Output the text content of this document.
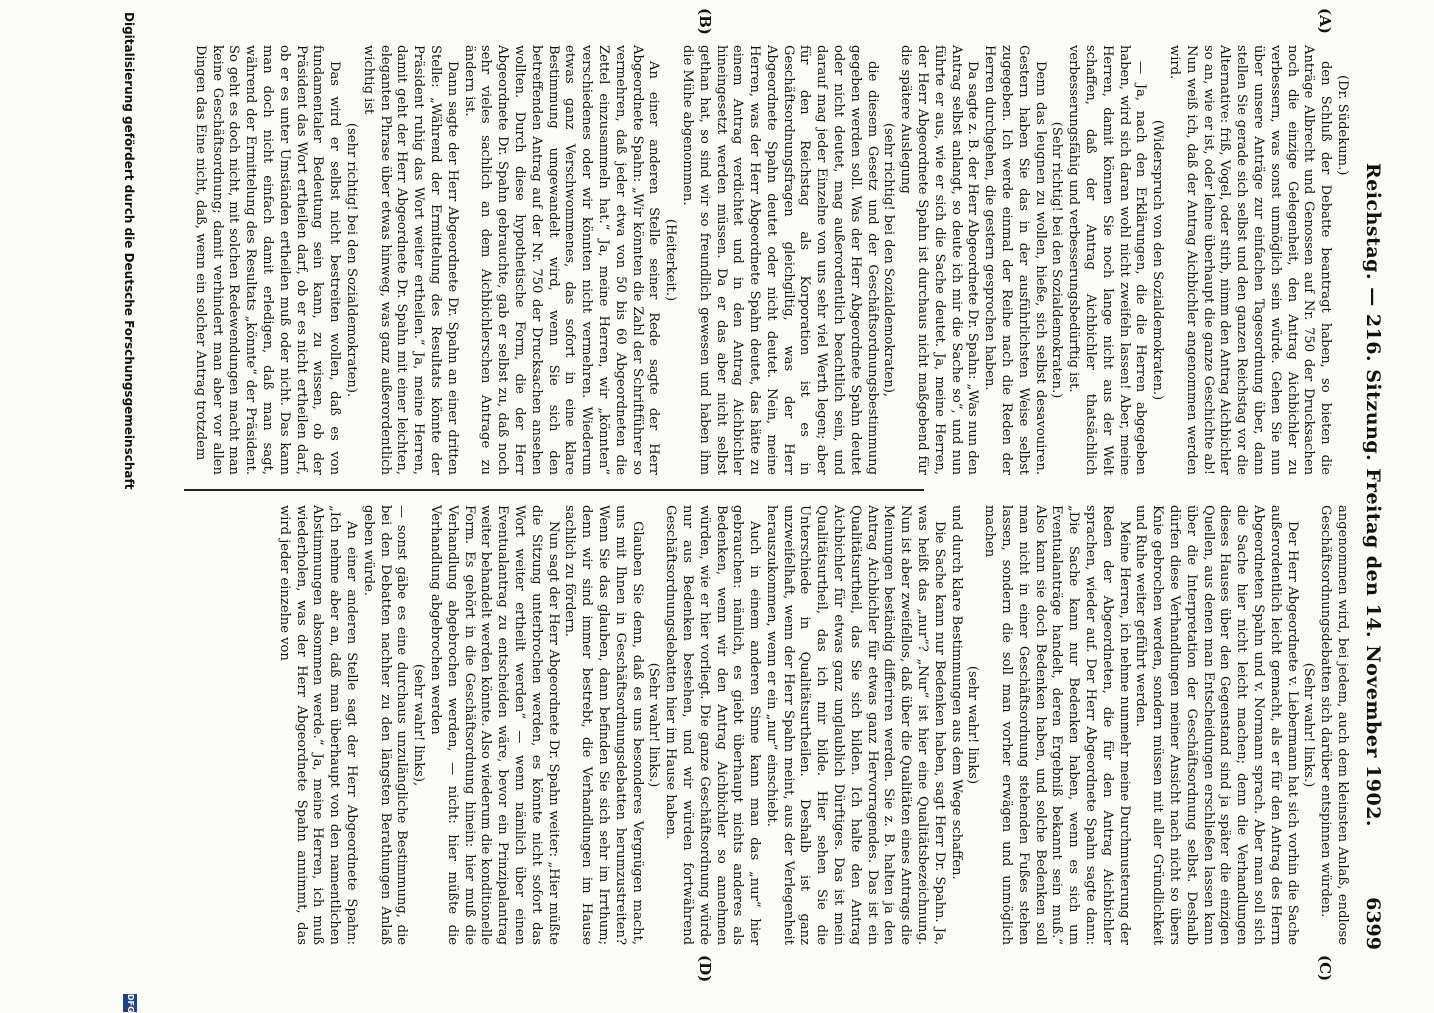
Reichstag. — 216. Sitzung. Freitag den 14. November 1902.
6399
(A)
(B)
(C)
(D)

(Dr. Südekum.)

den Schluß der Debatte beantragt haben, so bieten die Anträge Albrecht und Genossen auf Nr. 750 der Drucksachen noch die einzige Gelegenheit, den Antrag Aichbichler zu verbessern, was sonst unmöglich sein würde. Gehen Sie nun über unsere Anträge zur einfachen Tagesordnung über, dann stellen Sie gerade sich selbst und den ganzen Reichstag vor die Alternative: friß, Vogel, oder stirb, nimm den Antrag Aichbichler so an, wie er ist, oder lehne überhaupt die ganze Geschichte ab! Nun weiß ich, daß der Antrag Aichbichler angenommen werden wird.

(Widerspruch von den Sozialdemokraten.)

— Ja, nach den Erklärungen, die die Herren abgegeben haben, wird sich daran wohl nicht zweifeln lassen! Aber, meine Herren, damit können Sie noch lange nicht aus der Welt schaffen, daß der Antrag Aichbichler thatsächlich verbesserungsfähig und verbesserungsbedürftig ist.

(Sehr richtig! bei den Sozialdemokraten.)

Denn das leugnen zu wollen, hieße, sich selbst desavouiren. Gestern haben Sie das in der ausführlichsten Weise selbst zugegeben. Ich werde einmal der Reihe nach die Reden der Herren durchgehen, die gestern gesprochen haben.

Da sagte z. B. der Herr Abgeordnete Dr. Spahn: „Was nun den Antrag selbst anlangt, so deute ich mir die Sache so“, und nun führte er aus, wie er sich die Sache deutet. Ja, meine Herren, der Herr Abgeordnete Spahn ist durchaus nicht maßgebend für die spätere Auslegung

(sehr richtig! bei den Sozialdemokraten),

die diesem Gesetz und der Geschäftsordnungsbestimmung gegeben werden soll. Was der Herr Abgeordnete Spahn deutet oder nicht deutet, mag außerordentlich beachtlich sein, und darauf mag jeder Einzelne von uns sehr viel Werth legen; aber für den Reichstag als Korporation ist es in Geschäftsordnungsfragen gleichgiltig, was der Herr Abgeordnete Spahn deutet oder nicht deutet. Nein, meine Herren, was der Herr Abgeordnete Spahn deutet, das hätte zu einem Antrag verdichtet und in den Antrag Aichbichler hineingesetzt werden müssen. Da er das aber nicht selbst gethan hat, so sind wir so freundlich gewesen und haben ihm die Mühe abgenommen.

(Heiterkeit.)

An einer anderen Stelle seiner Rede sagte der Herr Abgeordnete Spahn: „Wir könnten die Zahl der Schriftführer so vermehren, daß jeder etwa von 50 bis 60 Abgeordneten die Zettel einzusammeln hat.“ Ja, meine Herren, wir „könnten“ verschiedenes oder wir könnten nicht vermehren. Wiederum etwas ganz Verschwommenes, das sofort in eine klare Bestimmung umgewandelt wird, wenn Sie sich den betreffenden Antrag auf der Nr. 750 der Drucksachen ansehen wollten. Durch diese hypothetische Form, die der Herr Abgeordnete Dr. Spahn gebrauchte, gab er selbst zu, daß noch sehr vieles sachlich an dem Aichbichlerschen Antrage zu ändern ist.

Dann sagte der Herr Abgeordnete Dr. Spahn an einer dritten Stelle: „Während der Ermittelung des Resultats könnte der Präsident ruhig das Wort weiter ertheilen.“ Ja, meine Herren, damit geht der Herr Abgeordnete Dr. Spahn mit einer leichten, eleganten Phrase über etwas hinweg, was ganz außerordentlich wichtig ist

(sehr richtig! bei den Sozialdemokraten).

Das wird er selbst nicht bestreiten wollen, daß es von fundamentaler Bedeutung sein kann, zu wissen, ob der Präsident das Wort ertheilen darf, ob er es nicht ertheilen darf, ob er es unter Umständen ertheilen muß oder nicht. Das kann man doch nicht einfach damit erledigen, daß man sagt, während der Ermittelung des Resultats „könnte“ der Präsident. So geht es doch nicht, mit solchen Redewendungen macht man keine Geschäftsordnung; damit verhindert man aber vor allen Dingen das Eine nicht, daß, wenn ein solcher Antrag trotzdem

angenommen wird, bei jedem, auch dem kleinsten Anlaß, endlose Geschäftsordnungsdebatten sich darüber entspinnen würden.

(Sehr wahr! links.)

Der Herr Abgeordnete v. Liebermann hat sich vorhin die Sache außerordentlich leicht gemacht, als er für den Antrag des Herrn Abgeordneten Spahn und v. Normann sprach. Aber man soll sich die Sache hier nicht leicht machen; denn die Verhandlungen dieses Hauses über den Gegenstand sind ja später die einzigen Quellen, aus denen man Entscheidungen erschließen lassen kann über die Interpretation der Geschäftsordnung selbst. Deshalb dürfen diese Verhandlungen meiner Ansicht nach nicht so übers Knie gebrochen werden, sondern müssen mit aller Gründlichkeit und Ruhe weiter geführt werden.

Meine Herren, ich nehme nunmehr meine Durchmusterung der Reden der Abgeordneten, die für den Antrag Aichbichler sprachen, wieder auf. Der Herr Abgeordnete Spahn sagte dann: „Die Sache kann nur Bedenken haben, wenn es sich um Eventualanträge handelt, deren Ergebniß bekannt sein muß.“ Also kann sie doch Bedenken haben, und solche Bedenken soll man nicht in einer Geschäftsordnung stehenden Fußes stehen lassen, sondern die soll man vorher erwägen und unmöglich machen

(sehr wahr! links)

und durch klare Bestimmungen aus dem Wege schaffen.

Die Sache kann nur Bedenken haben, sagt Herr Dr. Spahn. Ja, was heißt das „nur“? „Nur“ ist hier eine Qualitätsbezeichnung. Nun ist aber zweifellos, daß über die Qualitäten eines Antrags die Meinungen beständig differiren werden. Sie z. B. halten ja den Antrag Aichbichler für etwas ganz Hervorragendes. Das ist ein Qualitätsurtheil, das Sie sich bilden. Ich halte den Antrag Aichbichler für etwas ganz unglaublich Dürftiges. Das ist mein Qualitätsurtheil, das ich mir bilde. Hier sehen Sie die Unterschiede in Qualitätsurtheilen. Deshalb ist ganz unzweifelhaft, wenn der Herr Spahn meint, aus der Verlegenheit herauszukommen, wenn er ein „nur“ einschiebt.

Auch in einem anderen Sinne kann man das „nur“ hier gebrauchen: nämlich, es giebt überhaupt nichts anderes als Bedenken, wenn wir den Antrag Aichbichler so annehmen würden, wie er hier vorliegt. Die ganze Geschäftsordnung würde nur aus Bedenken bestehen, und wir würden fortwährend Geschäftsordnungsdebatten hier im Hause haben.

(Sehr wahr! links.)

Glauben Sie denn, daß es uns besonderes Vergnügen macht, uns mit Ihnen in Geschäftsordnungsdebatten herumzustreiten? Wenn Sie das glauben, dann befinden Sie sich sehr im Irrthum; denn wir sind immer bestrebt, die Verhandlungen im Hause sachlich zu fördern.

Nun sagt der Herr Abgeordnete Dr. Spahn weiter: „Hier müßte die Sitzung unterbrochen werden, es könnte nicht sofort das Wort weiter ertheilt werden“ — wenn nämlich über einen Eventualantrag zu entscheiden wäre, bevor ein Prinzipalantrag weiter behandelt werden könnte. Also wiederum die konditionelle Form. Es gehört in die Geschäftsordnung hinein: hier muß die Verhandlung abgebrochen werden, — nicht: hier müßte die Verhandlung abgebrochen werden

(sehr wahr! links),

— sonst gäbe es eine durchaus unzulängliche Bestimmung, die bei den Debatten nachher zu den längsten Berathungen Anlaß geben würde.

An einer anderen Stelle sagt der Herr Abgeordnete Spahn: „Ich nehme aber an, daß man überhaupt von den namentlichen Abstimmungen absommen werde.“ Ja, meine Herren, ich muß wiederholen, was der Herr Abgeordnete Spahn annimmt, das wird jeder einzelne von

Digitalisierung gefördert durch die Deutsche Forschungsgemeinschaft
DFG
